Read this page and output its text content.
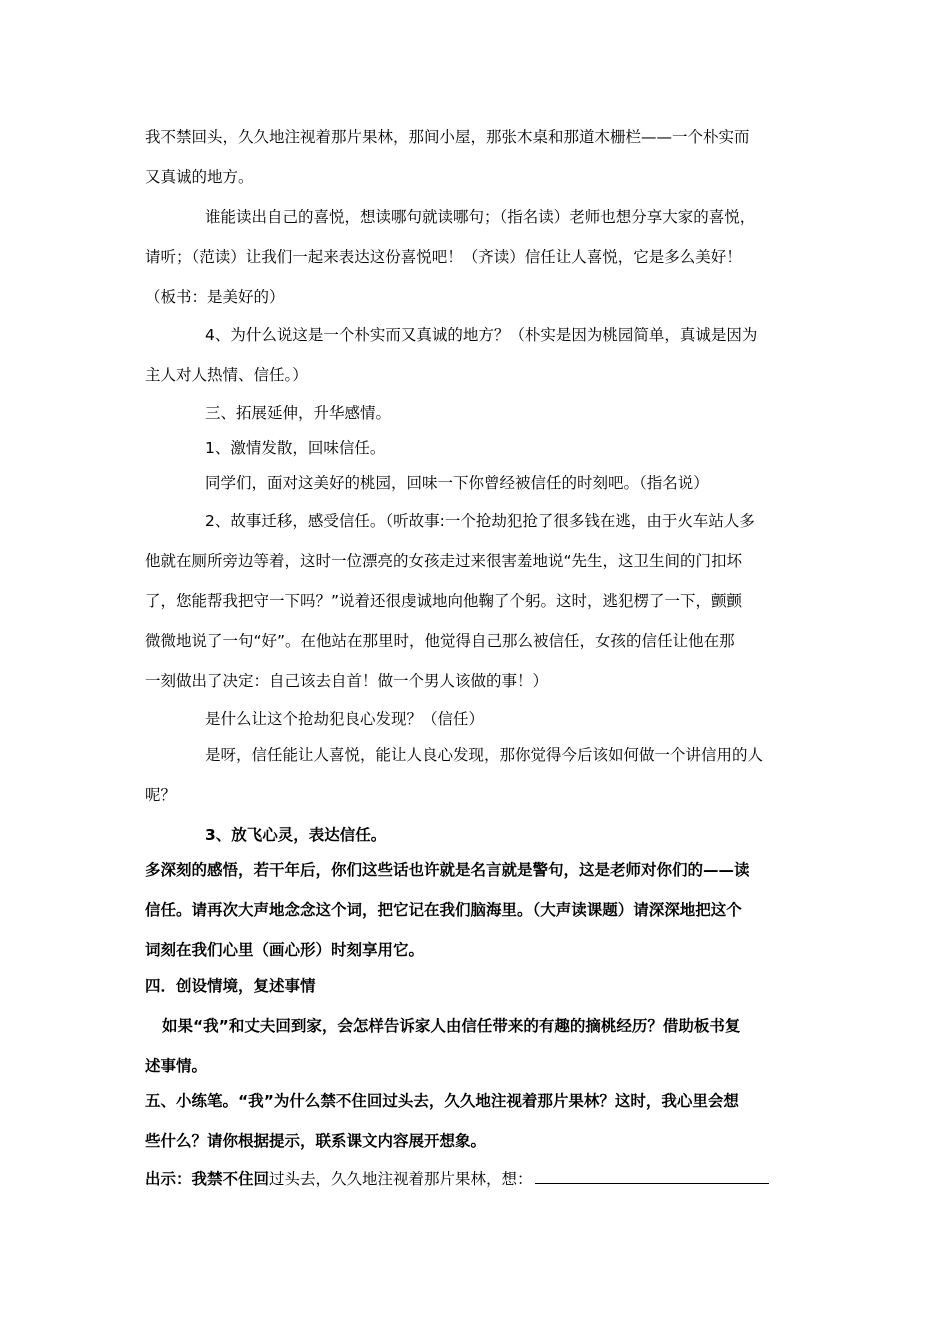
我不禁回头，久久地注视着那片果林，那间小屋，那张木桌和那道木栅栏——一个朴实而
又真诚的地方。
谁能读出自己的喜悦，想读哪句就读哪句；（指名读）老师也想分享大家的喜悦，
请听；（范读）让我们一起来表达这份喜悦吧！（齐读）信任让人喜悦，它是多么美好！
（板书：是美好的）
4、为什么说这是一个朴实而又真诚的地方？（朴实是因为桃园简单，真诚是因为
主人对人热情、信任。）
三、拓展延伸，升华感情。
1、激情发散，回味信任。
同学们，面对这美好的桃园，回味一下你曾经被信任的时刻吧。（指名说）
2、故事迁移，感受信任。（听故事:一个抢劫犯抢了很多钱在逃，由于火车站人多
他就在厕所旁边等着，这时一位漂亮的女孩走过来很害羞地说“先生，这卫生间的门扣坏
了，您能帮我把守一下吗？”说着还很虔诚地向他鞠了个躬。这时，逃犯楞了一下，颤颤
微微地说了一句“好”。在他站在那里时，他觉得自己那么被信任，女孩的信任让他在那
一刻做出了决定：自己该去自首！做一个男人该做的事！）
是什么让这个抢劫犯良心发现？（信任）
是呀，信任能让人喜悦，能让人良心发现，那你觉得今后该如何做一个讲信用的人
呢？
3、放飞心灵，表达信任。
多深刻的感悟，若干年后，你们这些话也许就是名言就是警句，这是老师对你们的——读
信任。请再次大声地念念这个词，把它记在我们脑海里。（大声读课题）请深深地把这个
词刻在我们心里（画心形）时刻享用它。
四．创设情境，复述事情
如果“我”和丈夫回到家，会怎样告诉家人由信任带来的有趣的摘桃经历？借助板书复
述事情。
五、小练笔。“我”为什么禁不住回过头去，久久地注视着那片果林？这时，我心里会想
些什么？请你根据提示，联系课文内容展开想象。
出示：我禁不住回过头去，久久地注视着那片果林，想：
